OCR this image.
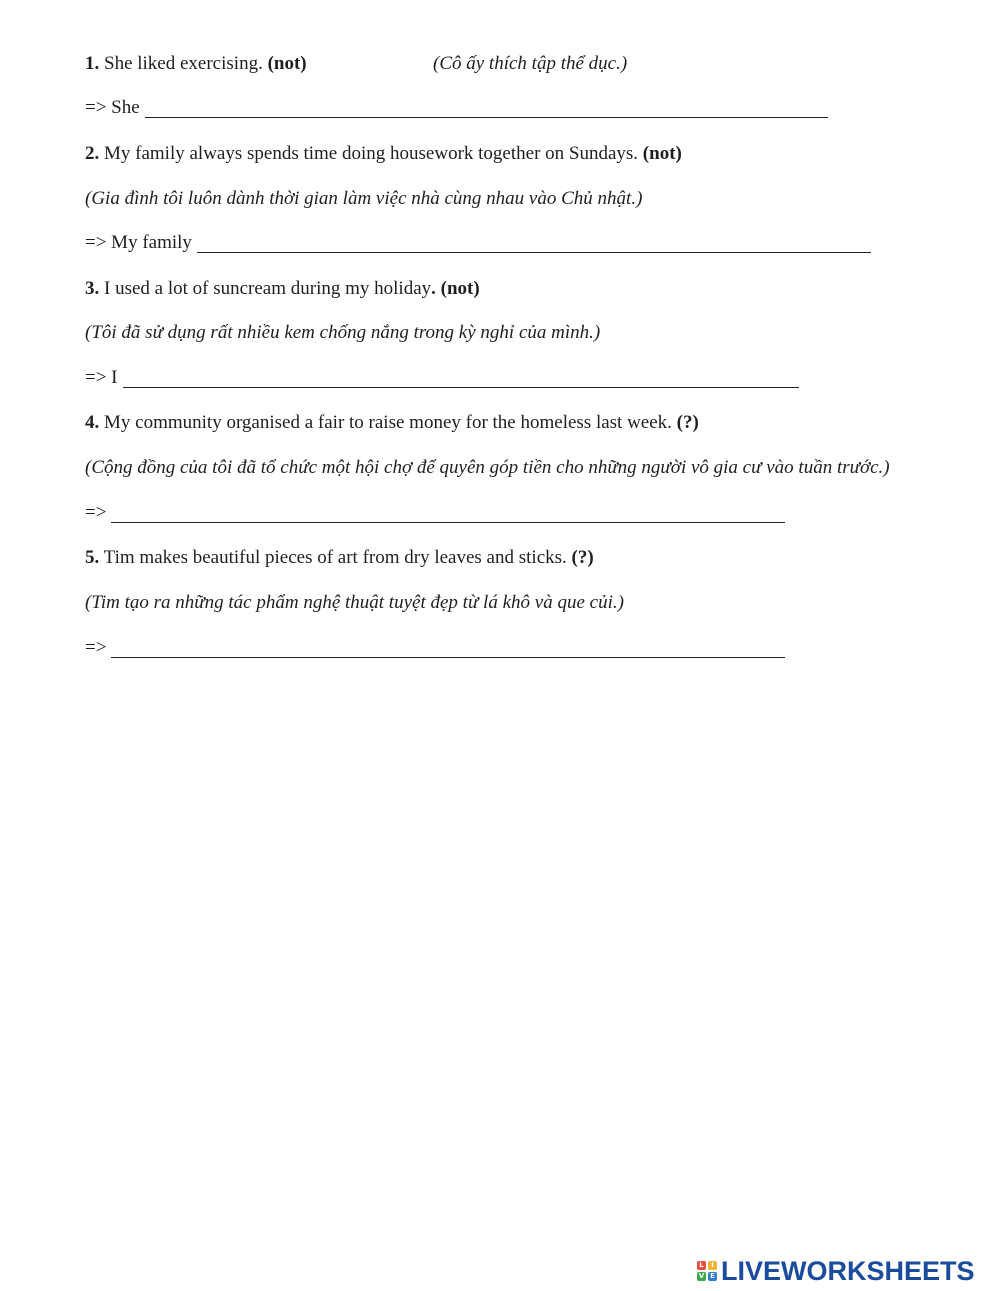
1. She liked exercising. (not)	(Cô ấy thích tập thể dục.)
=> She
2. My family always spends time doing housework together on Sundays. (not)
(Gia đình tôi luôn dành thời gian làm việc nhà cùng nhau vào Chủ nhật.)
=> My family
3. I used a lot of suncream during my holiday. (not)
(Tôi đã sử dụng rất nhiều kem chống nắng trong kỳ nghỉ của mình.)
=> I
4. My community organised a fair to raise money for the homeless last week. (?)
(Cộng đồng của tôi đã tổ chức một hội chợ để quyên góp tiền cho những người vô gia cư vào tuần trước.)
=>
5. Tim makes beautiful pieces of art from dry leaves and sticks. (?)
(Tim tạo ra những tác phẩm nghệ thuật tuyệt đẹp từ lá khô và que củi.)
=>
L	I
V E LIVEWORKSHEETS
